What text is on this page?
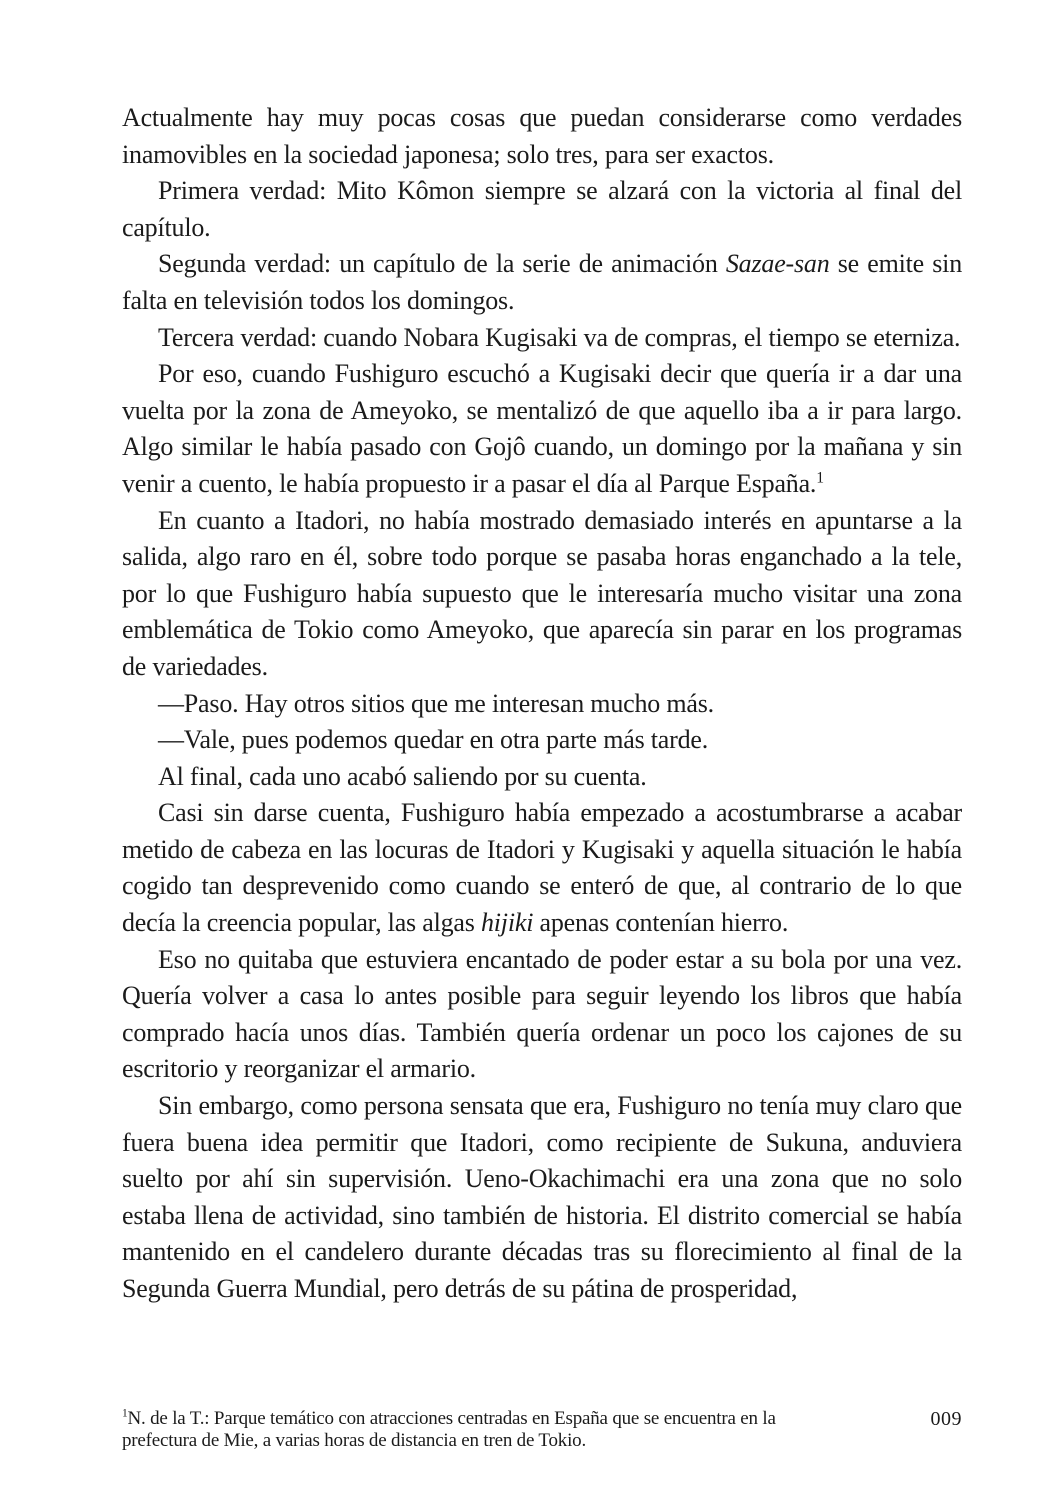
Actualmente hay muy pocas cosas que puedan considerarse como verdades inamovibles en la sociedad japonesa; solo tres, para ser exactos.

Primera verdad: Mito Kômon siempre se alzará con la victoria al final del capítulo.

Segunda verdad: un capítulo de la serie de animación Sazae-san se emite sin falta en televisión todos los domingos.

Tercera verdad: cuando Nobara Kugisaki va de compras, el tiempo se eterniza.

Por eso, cuando Fushiguro escuchó a Kugisaki decir que quería ir a dar una vuelta por la zona de Ameyoko, se mentalizó de que aquello iba a ir para largo. Algo similar le había pasado con Gojô cuando, un domingo por la mañana y sin venir a cuento, le había propuesto ir a pasar el día al Parque España.$^1$

En cuanto a Itadori, no había mostrado demasiado interés en apuntarse a la salida, algo raro en él, sobre todo porque se pasaba horas enganchado a la tele, por lo que Fushiguro había supuesto que le interesaría mucho visitar una zona emblemática de Tokio como Ameyoko, que aparecía sin parar en los programas de variedades.

—Paso. Hay otros sitios que me interesan mucho más.

—Vale, pues podemos quedar en otra parte más tarde.

Al final, cada uno acabó saliendo por su cuenta.

Casi sin darse cuenta, Fushiguro había empezado a acostumbrarse a acabar metido de cabeza en las locuras de Itadori y Kugisaki y aquella situación le había cogido tan desprevenido como cuando se enteró de que, al contrario de lo que decía la creencia popular, las algas hijiki apenas contenían hierro.

Eso no quitaba que estuviera encantado de poder estar a su bola por una vez. Quería volver a casa lo antes posible para seguir leyendo los libros que había comprado hacía unos días. También quería ordenar un poco los cajones de su escritorio y reorganizar el armario.

Sin embargo, como persona sensata que era, Fushiguro no tenía muy claro que fuera buena idea permitir que Itadori, como recipiente de Sukuna, anduviera suelto por ahí sin supervisión. Ueno-Okachimachi era una zona que no solo estaba llena de actividad, sino también de historia. El distrito comercial se había mantenido en el candelero durante décadas tras su florecimiento al final de la Segunda Guerra Mundial, pero detrás de su pátina de prosperidad,

$^1$N. de la T.: Parque temático con atracciones centradas en España que se encuentra en la prefectura de Mie, a varias horas de distancia en tren de Tokio.
009
